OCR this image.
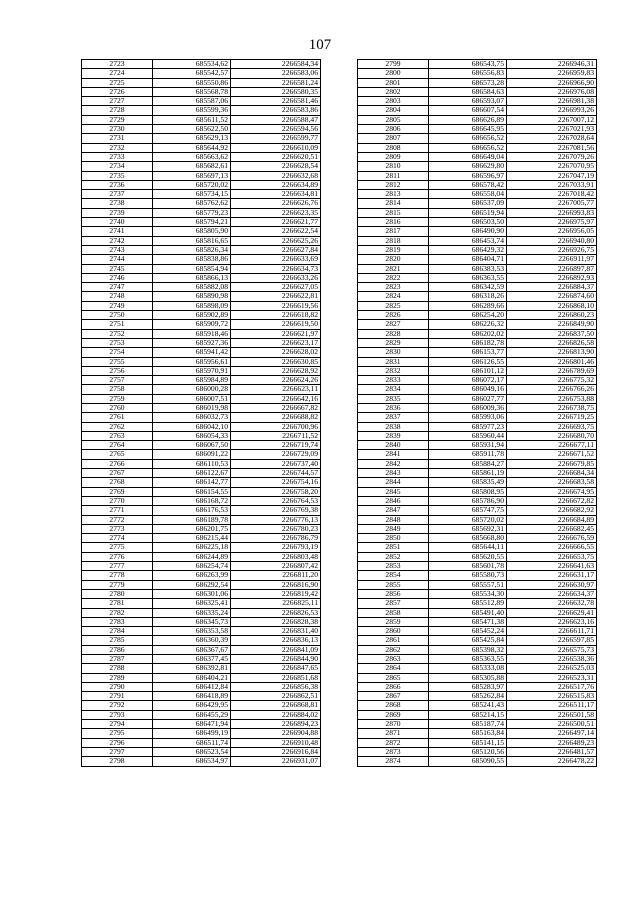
107
2723	685534,62	2266584,34
2724	685542,57	2266583,06
2725	685550,86	2266581,24
2726	685568,78	2266580,35
2727	685587,06	2266581,46
2728	685599,36	2266583,86
2729	685611,52	2266588,47
2730	685622,50	2266594,56
2731	685629,13	2266599,77
2732	685644,92	2266610,09
2733	685663,62	2266620,51
2734	685682,61	2266628,54
2735	685697,13	2266632,68
2736	685720,02	2266634,89
2737	685734,15	2266634,81
2738	685762,62	2266626,76
2739	685779,23	2266623,35
2740	685794,21	2266621,77
2741	685805,90	2266622,54
2742	685816,65	2266625,26
2743	685826,34	2266627,84
2744	685838,86	2266633,69
2745	685854,94	2266634,73
2746	685866,13	2266633,26
2747	685882,08	2266627,05
2748	685890,98	2266622,81
2749	685898,09	2266619,56
2750	685902,89	2266618,82
2751	685909,72	2266619,50
2752	685918,46	2266621,97
2753	685927,36	2266623,17
2754	685941,42	2266628,02
2755	685956,61	2266630,85
2756	685970,91	2266628,92
2757	685984,89	2266624,26
2758	686000,28	2266623,11
2759	686007,51	2266642,16
2760	686019,98	2266667,82
2761	686032,73	2266688,82
2762	686042,10	2266700,96
2763	686054,33	2266711,52
2764	686067,50	2266719,74
2765	686091,22	2266729,09
2766	686110,53	2266737,40
2767	686122,67	2266744,57
2768	686142,77	2266754,16
2769	686154,55	2266758,20
2770	686168,72	2266764,53
2771	686176,53	2266769,38
2772	686189,78	2266776,13
2773	686201,75	2266780,23
2774	686215,44	2266786,79
2775	686225,18	2266793,19
2776	686244,89	2266803,48
2777	686254,74	2266807,42
2778	686263,99	2266811,20
2779	686292,54	2266816,90
2780	686301,06	2266819,42
2781	686325,41	2266825,11
2782	686335,24	2266826,53
2783	686345,73	2266828,38
2784	686353,58	2266831,40
2785	686360,39	2266836,13
2786	686367,67	2266841,09
2787	686377,45	2266844,90
2788	686392,81	2266847,65
2789	686404,21	2266851,68
2790	686412,84	2266856,38
2791	686418,89	2266862,51
2792	686429,95	2266868,81
2793	686455,29	2266884,02
2794	686471,94	2266894,23
2795	686499,19	2266904,88
2796	686511,74	2266910,48
2797	686523,54	2266916,84
2798	686534,97	2266931,07
2799	686543,75	2266946,31
2800	686556,83	2266959,83
2801	686573,28	2266966,90
2802	686584,63	2266976,08
2803	686593,07	2266981,38
2804	686607,54	2266993,26
2805	686626,89	2267007,12
2806	686645,95	2267021,93
2807	686656,52	2267028,64
2808	686656,52	2267081,56
2809	686649,04	2267079,26
2810	686629,80	2267070,95
2811	686596,97	2267047,19
2812	686578,42	2267033,91
2813	686558,04	2267018,42
2814	686537,09	2267005,77
2815	686519,94	2266993,83
2816	686503,50	2266975,97
2817	686490,90	2266956,05
2818	686453,74	2266940,80
2819	686429,32	2266926,75
2820	686404,71	2266911,97
2821	686383,53	2266897,87
2822	686363,55	2266892,93
2823	686342,59	2266884,37
2824	686318,26	2266874,60
2825	686289,66	2266868,10
2826	686254,20	2266860,23
2827	686226,32	2266849,90
2828	686202,02	2266837,50
2829	686182,78	2266826,58
2830	686153,77	2266813,90
2831	686126,55	2266801,46
2832	686101,12	2266789,69
2833	686072,17	2266775,32
2834	686049,16	2266766,26
2835	686027,77	2266753,88
2836	686009,36	2266738,75
2837	685993,06	2266719,25
2838	685977,23	2266693,75
2839	685960,44	2266680,70
2840	685931,94	2266677,11
2841	685911,78	2266671,52
2842	685884,27	2266679,85
2843	685861,19	2266684,34
2844	685835,49	2266683,58
2845	685808,95	2266674,95
2846	685786,90	2266672,82
2847	685747,75	2266682,92
2848	685720,02	2266684,89
2849	685692,31	2266682,45
2850	685668,80	2266676,59
2851	685644,11	2266666,55
2852	685620,55	2266653,75
2853	685601,78	2266641,63
2854	685580,73	2266631,17
2855	685557,51	2266630,97
2856	685534,30	2266634,37
2857	685512,89	2266632,78
2858	685491,40	2266629,41
2859	685471,38	2266623,16
2860	685452,24	2266611,71
2861	685425,84	2266597,85
2862	685398,32	2266575,73
2863	685363,55	2266538,36
2864	685333,08	2266525,03
2865	685305,88	2266523,31
2866	685283,97	2266517,76
2867	685262,84	2266515,83
2868	685241,43	2266511,17
2869	685214,15	2266501,58
2870	685187,74	2266500,51
2871	685163,84	2266497,14
2872	685141,15	2266489,23
2873	685120,56	2266481,57
2874	685090,55	2266478,22
